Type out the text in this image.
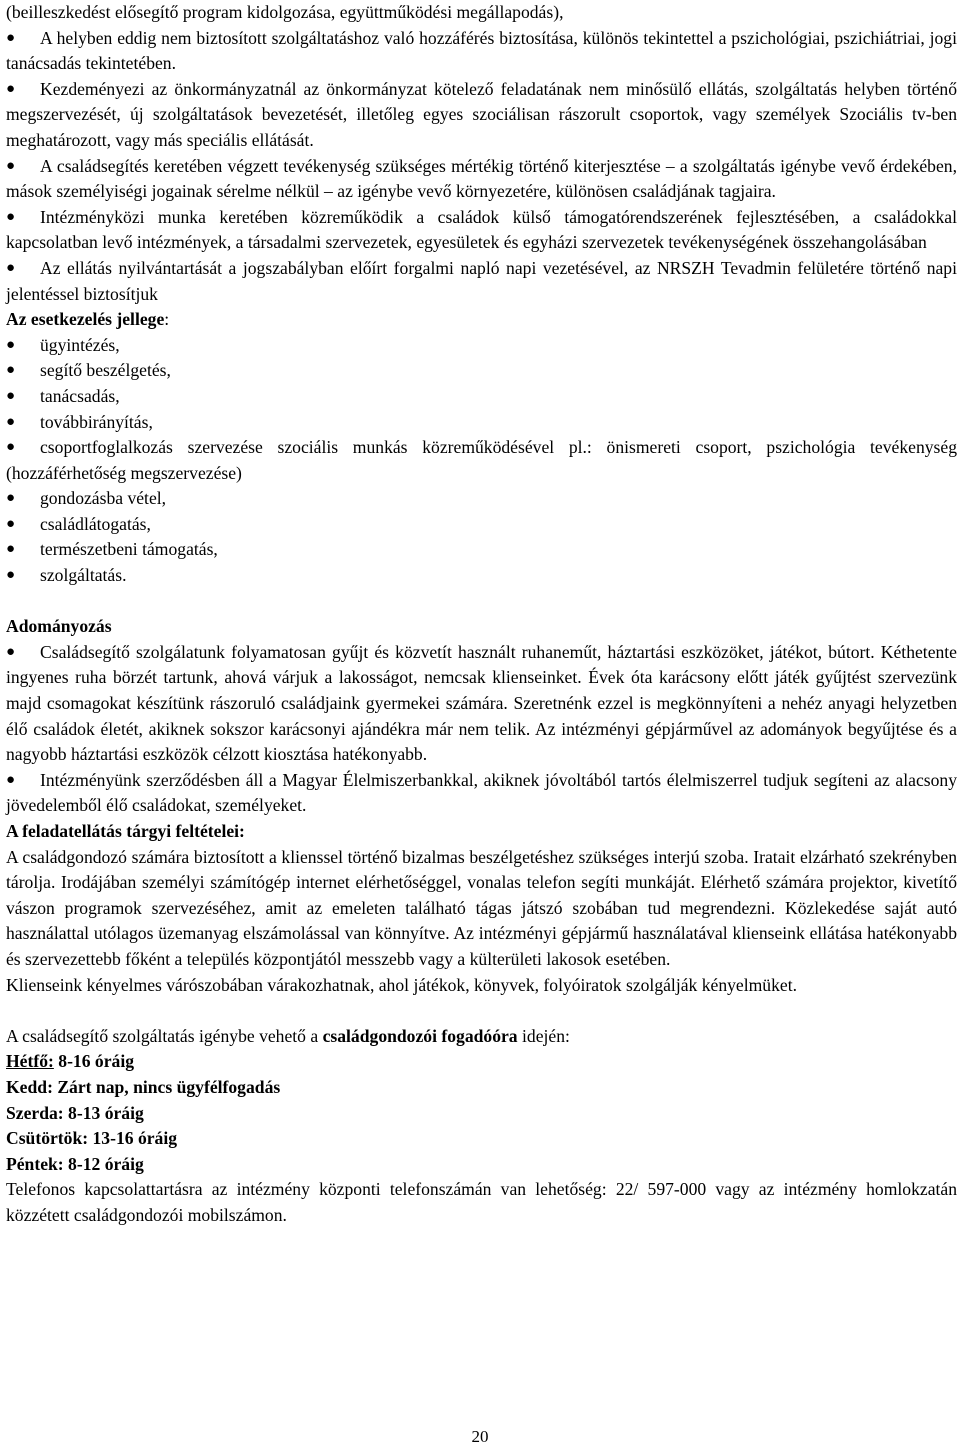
(beilleszkedést elősegítő program kidolgozása, együttműködési megállapodás),

●	A helyben eddig nem biztosított szolgáltatáshoz való hozzáférés biztosítása, különös tekintettel a pszichológiai, pszichiátriai, jogi tanácsadás tekintetében.
●	Kezdeményezi az önkormányzatnál az önkormányzat kötelező feladatának nem minősülő ellátás, szolgáltatás helyben történő megszervezését, új szolgáltatások bevezetését, illetőleg egyes szociálisan rászorult csoportok, vagy személyek Szociális tv-ben meghatározott, vagy más speciális ellátását.
●	A családsegítés keretében végzett tevékenység szükséges mértékig történő kiterjesztése – a szolgáltatás igénybe vevő érdekében, mások személyiségi jogainak sérelme nélkül – az igénybe vevő környezetére, különösen családjának tagjaira.
●	Intézményközi munka keretében közreműködik a családok külső támogatórendszerének fejlesztésében, a családokkal kapcsolatban levő intézmények, a társadalmi szervezetek, egyesületek és egyházi szervezetek tevékenységének összehangolásában
●	Az ellátás nyilvántartását a jogszabályban előírt forgalmi napló napi vezetésével, az NRSZH Tevadmin felületére történő napi jelentéssel biztosítjuk

Az esetkezelés jellege:

●	ügyintézés,
●	segítő beszélgetés,
●	tanácsadás,
●	továbbirányítás,
●	csoportfoglalkozás szervezése szociális munkás közreműködésével pl.: önismereti csoport, pszichológia tevékenység (hozzáférhetőség megszervezése)
●	gondozásba vétel,
●	családlátogatás,
●	természetbeni támogatás,
●	szolgáltatás.

Adományozás

●	Családsegítő szolgálatunk folyamatosan gyűjt és közvetít használt ruhaneműt, háztartási eszközöket, játékot, bútort. Kéthetente ingyenes ruha börzét tartunk, ahová várjuk a lakosságot, nemcsak klienseinket. Évek óta karácsony előtt játék gyűjtést szervezünk majd csomagokat készítünk rászoruló családjaink gyermekei számára. Szeretnénk ezzel is megkönnyíteni a nehéz anyagi helyzetben élő családok életét, akiknek sokszor karácsonyi ajándékra már nem telik. Az intézményi gépjárművel az adományok begyűjtése és a nagyobb háztartási eszközök célzott kiosztása hatékonyabb.
●	Intézményünk szerződésben áll a Magyar Élelmiszerbankkal, akiknek jóvoltából tartós élelmiszerrel tudjuk segíteni az alacsony jövedelemből élő családokat, személyeket.

A feladatellátás tárgyi feltételei:

A családgondozó számára biztosított a klienssel történő bizalmas beszélgetéshez szükséges interjú szoba. Iratait elzárható szekrényben tárolja. Irodájában személyi számítógép internet elérhetőséggel, vonalas telefon segíti munkáját. Elérhető számára projektor, kivetítő vászon programok szervezéséhez, amit az emeleten található tágas játszó szobában tud megrendezni. Közlekedése saját autó használattal utólagos üzemanyag elszámolással van könnyítve. Az intézményi gépjármű használatával klienseink ellátása hatékonyabb és szervezettebb főként a település központjától messzebb vagy a külterületi lakosok esetében.

Klienseink kényelmes várószobában várakozhatnak, ahol játékok, könyvek, folyóiratok szolgálják kényelmüket.

A családsegítő szolgáltatás igénybe vehető a családgondozói fogadóóra idején:

Hétfő: 8-16 óráig

Kedd: Zárt nap, nincs ügyfélfogadás

Szerda: 8-13 óráig

Csütörtök: 13-16 óráig

Péntek: 8-12 óráig

Telefonos kapcsolattartásra az intézmény központi telefonszámán van lehetőség: 22/ 597-000 vagy az intézmény homlokzatán közzétett családgondozói mobilszámon.

20
